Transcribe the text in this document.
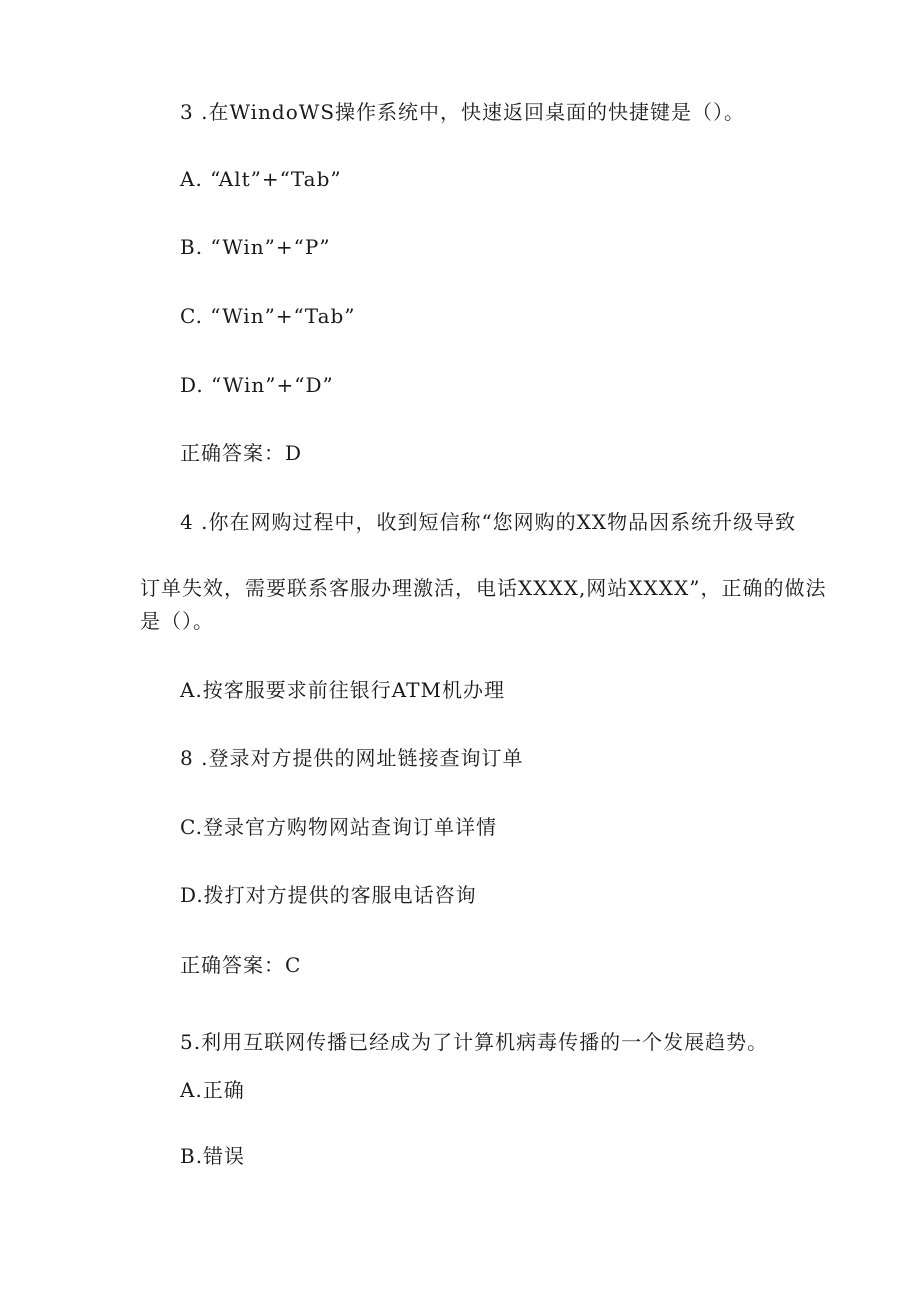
3 .在WindoWS操作系统中，快速返回桌面的快捷键是（）。
A. “Alt”+“Tab”
B. “Win”+“P”
C. “Win”+“Tab”
D. “Win”+“D”
正确答案：D
4 .你在网购过程中，收到短信称“您网购的XX物品因系统升级导致
订单失效，需要联系客服办理激活，电话XXXX,网站XXXX”，正确的做法
是（）。
A.按客服要求前往银行ATM机办理
8 .登录对方提供的网址链接查询订单
C.登录官方购物网站查询订单详情
D.拨打对方提供的客服电话咨询
正确答案：C
5.利用互联网传播已经成为了计算机病毒传播的一个发展趋势。
A.正确
B.错误
